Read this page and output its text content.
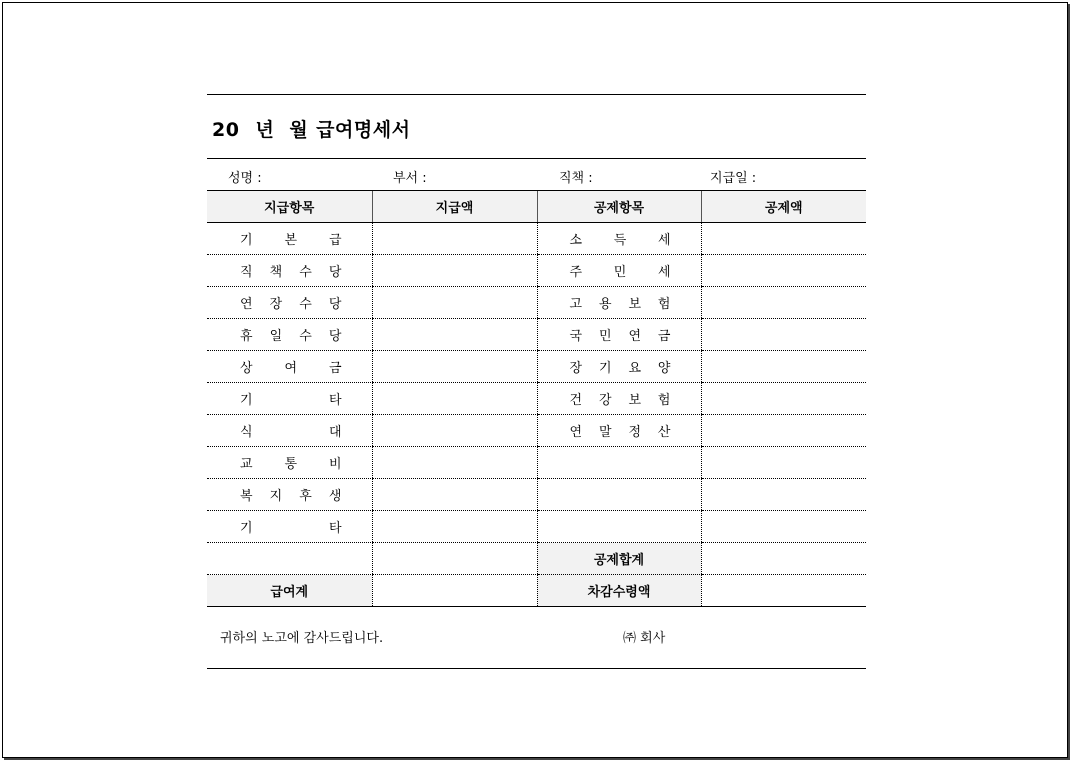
20 년 월 급여명세서
성명 :	부서 :	직책 :	지급일 :
지급항목	지급액	공제항목	공제액

기 본 급		소 득 세	

직 책 수 당		주 민 세	

연 장 수 당		고 용 보 험	

휴 일 수 당		국 민 연 금	

상 여 금		장 기 요 양	

기 타		건 강 보 험	

식 대		연 말 정 산	

교 통 비			

복 지 후 생			

기 타			

		공제합계	
급여계		차감수령액	
귀하의 노고에 감사드립니다.	㈜ 회사
